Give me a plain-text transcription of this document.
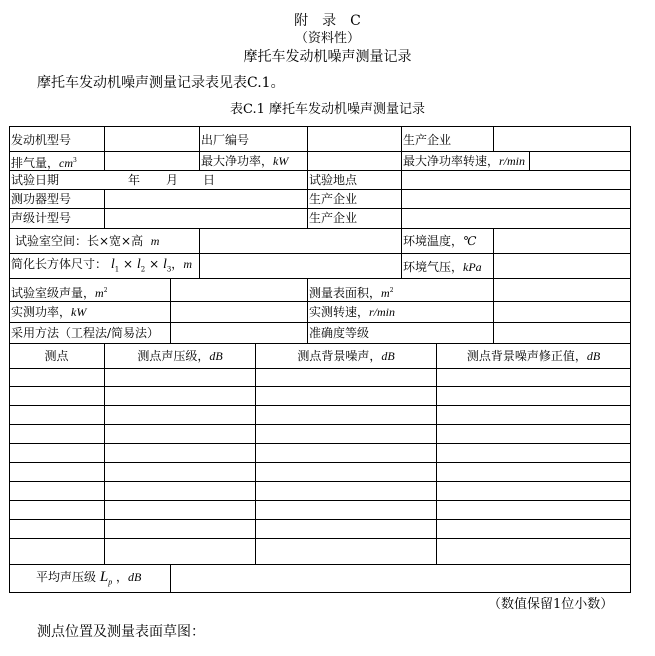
附　录　C
（资料性）
摩托车发动机噪声测量记录
摩托车发动机噪声测量记录表见表C.1。
表C.1 摩托车发动机噪声测量记录
发动机型号	出厂编号	生产企业
排气量，$cm^3$	最大净功率，kW	最大净功率转速，r/min
试验日期	年 月 日	试验地点
测功器型号	生产企业
声级计型号	生产企业
试验室空间：长×宽×高 m	环境温度，℃
简化长方体尺寸： $l_1 \times l_2 \times l_3$，m	环境气压，kPa
试验室级声量，$m^2$	测量表面积，$m^2$
实测功率，kW	实测转速，r/min
采用方法（工程法/简易法）	准确度等级
测点	测点声压级，dB	测点背景噪声，dB	测点背景噪声修正值，dB
平均声压级 $L_p$ ，dB
（数值保留1位小数）
测点位置及测量表面草图：
